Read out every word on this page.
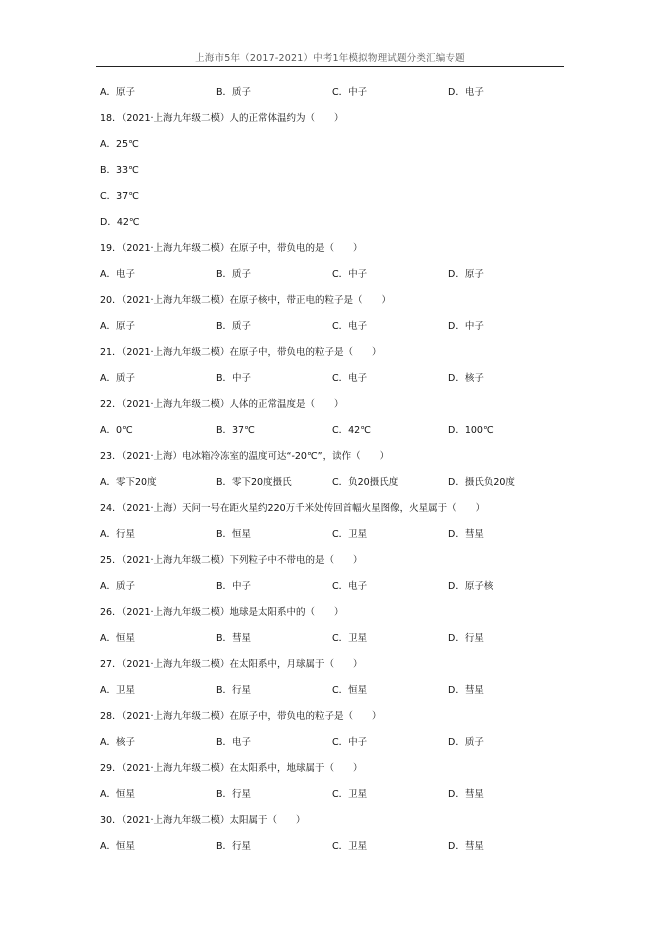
上海市5年（2017-2021）中考1年模拟物理试题分类汇编专题
A．原子	B．质子	C．中子	D．电子
18．（2021·上海九年级二模）人的正常体温约为（　　）
A．25℃
B．33℃
C．37℃
D．42℃
19．（2021·上海九年级二模）在原子中，带负电的是（　　）
A．电子	B．质子	C．中子	D．原子
20．（2021·上海九年级二模）在原子核中，带正电的粒子是（　　）
A．原子	B．质子	C．电子	D．中子
21．（2021·上海九年级二模）在原子中，带负电的粒子是（　　）
A．质子	B．中子	C．电子	D．核子
22．（2021·上海九年级二模）人体的正常温度是（　　）
A．0℃	B．37℃	C．42℃	D．100℃
23．（2021·上海）电冰箱冷冻室的温度可达“-20℃”，读作（　　）
A．零下20度	B．零下20度摄氏	C．负20摄氏度	D．摄氏负20度
24．（2021·上海）天问一号在距火星约220万千米处传回首幅火星图像，火星属于（　　）
A．行星	B．恒星	C．卫星	D．彗星
25．（2021·上海九年级二模）下列粒子中不带电的是（　　）
A．质子	B．中子	C．电子	D．原子核
26．（2021·上海九年级二模）地球是太阳系中的（　　）
A．恒星	B．彗星	C．卫星	D．行星
27．（2021·上海九年级二模）在太阳系中，月球属于（　　）
A．卫星	B．行星	C．恒星	D．彗星
28．（2021·上海九年级二模）在原子中，带负电的粒子是（　　）
A．核子	B．电子	C．中子	D．质子
29．（2021·上海九年级二模）在太阳系中，地球属于（　　）
A．恒星	B．行星	C．卫星	D．彗星
30．（2021·上海九年级二模）太阳属于（　　）
A．恒星	B．行星	C．卫星	D．彗星
